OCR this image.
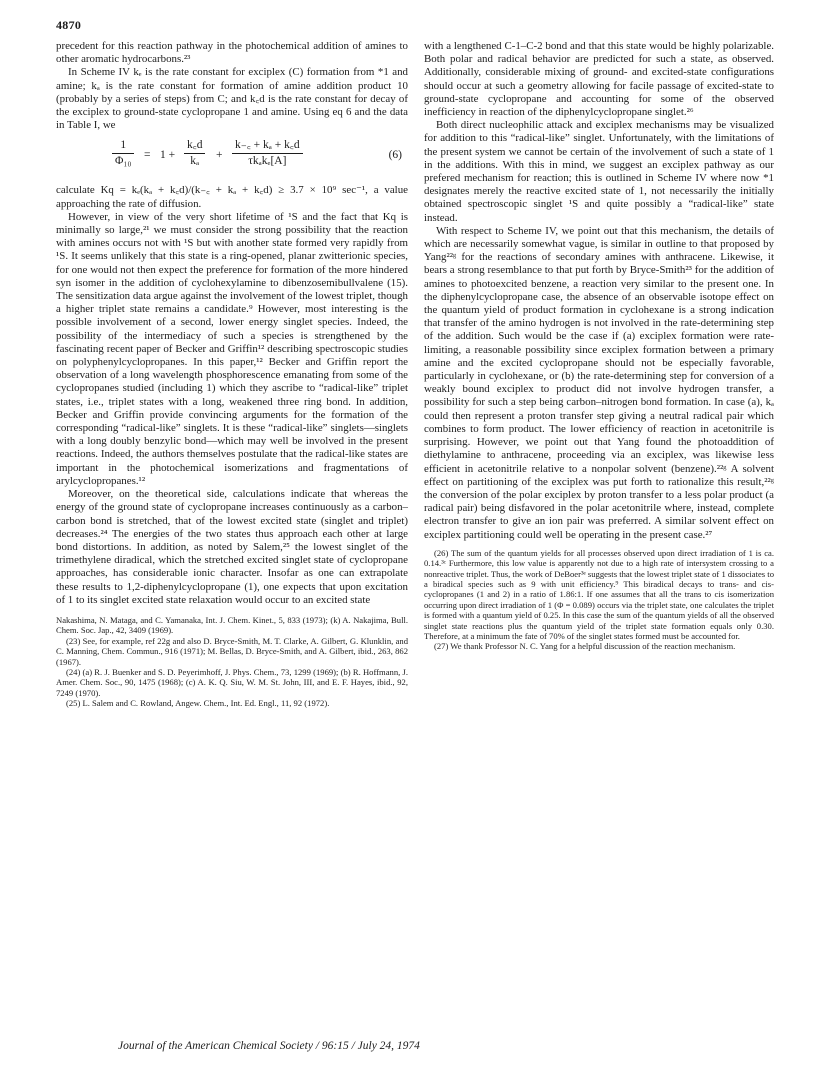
4870

precedent for this reaction pathway in the photochemical addition of amines to other aromatic hydrocarbons.²³

In Scheme IV kₑ is the rate constant for exciplex (C) formation from *1 and amine; kₐ is the rate constant for formation of amine addition product 10 (probably by a series of steps) from C; and k꜀d is the rate constant for decay of the exciplex to ground-state cyclopropane 1 and amine. Using eq 6 and the data in Table I, we

$\frac{1}{\text{Φ₁₀}} = 1 + \frac{k꜀d}{\text{kₐ}}$ +
k₋꜀ + kₐ + k꜀d
τkₐkₑ[A]	(6)

calculate Kq = kₑ(kₐ + k꜀d)/(k₋꜀ + kₐ + k꜀d) ≥ 3.7 × 10⁹ sec⁻¹, a value approaching the rate of diffusion.

However, in view of the very short lifetime of ¹S and the fact that Kq is minimally so large,²¹ we must consider the strong possibility that the reaction with amines occurs not with ¹S but with another state formed very rapidly from ¹S. It seems unlikely that this state is a ring-opened, planar zwitterionic species, for one would not then expect the preference for formation of the more hindered syn isomer in the addition of cyclohexylamine to dibenzosemibullvalene (15). The sensitization data argue against the involvement of the lowest triplet, though a higher triplet state remains a candidate.⁹ However, most interesting is the possible involvement of a second, lower energy singlet species. Indeed, the possibility of the intermediacy of such a species is strengthened by the fascinating recent paper of Becker and Griffin¹² describing spectroscopic studies on polyphenylcyclopropanes. In this paper,¹² Becker and Griffin report the observation of a long wavelength phosphorescence emanating from some of the cyclopropanes studied (including 1) which they ascribe to “radical-like” triplet states, i.e., triplet states with a long, weakened three ring bond. In addition, Becker and Griffin provide convincing arguments for the formation of the corresponding “radical-like” singlets. It is these “radical-like” singlets—singlets with a long doubly benzylic bond—which may well be involved in the present reactions. Indeed, the authors themselves postulate that the radical-like states are important in the photochemical isomerizations and fragmentations of arylcyclopropanes.¹²

Moreover, on the theoretical side, calculations indicate that whereas the energy of the ground state of cyclopropane increases continuously as a carbon–carbon bond is stretched, that of the lowest excited state (singlet and triplet) decreases.²⁴ The energies of the two states thus approach each other at large bond distortions. In addition, as noted by Salem,²⁵ the lowest singlet of the trimethylene diradical, which the stretched excited singlet state of cyclopropane approaches, has considerable ionic character. Insofar as one can extrapolate these results to 1,2-diphenylcyclopropane (1), one expects that upon excitation of 1 to its singlet excited state relaxation would occur to an excited state

Nakashima, N. Mataga, and C. Yamanaka, Int. J. Chem. Kinet., 5, 833 (1973); (k) A. Nakajima, Bull. Chem. Soc. Jap., 42, 3409 (1969).

(23) See, for example, ref 22g and also D. Bryce-Smith, M. T. Clarke, A. Gilbert, G. Klunklin, and C. Manning, Chem. Commun., 916 (1971); M. Bellas, D. Bryce-Smith, and A. Gilbert, ibid., 263, 862 (1967).

(24) (a) R. J. Buenker and S. D. Peyerimhoff, J. Phys. Chem., 73, 1299 (1969); (b) R. Hoffmann, J. Amer. Chem. Soc., 90, 1475 (1968); (c) A. K. Q. Siu, W. M. St. John, III, and E. F. Hayes, ibid., 92, 7249 (1970).

(25) L. Salem and C. Rowland, Angew. Chem., Int. Ed. Engl., 11, 92 (1972).

with a lengthened C-1–C-2 bond and that this state would be highly polarizable. Both polar and radical behavior are predicted for such a state, as observed. Additionally, considerable mixing of ground- and excited-state configurations should occur at such a geometry allowing for facile passage of excited-state to ground-state cyclopropane and accounting for some of the observed inefficiency in reaction of the diphenylcyclopropane singlet.²⁶

Both direct nucleophilic attack and exciplex mechanisms may be visualized for addition to this “radical-like” singlet. Unfortunately, with the limitations of the present system we cannot be certain of the involvement of such a state of 1 in the additions. With this in mind, we suggest an exciplex pathway as our prefered mechanism for reaction; this is outlined in Scheme IV where now *1 designates merely the reactive excited state of 1, not necessarily the initially obtained spectroscopic singlet ¹S and quite possibly a “radical-like” state instead.

With respect to Scheme IV, we point out that this mechanism, the details of which are necessarily somewhat vague, is similar in outline to that proposed by Yang²²ᵍ for the reactions of secondary amines with anthracene. Likewise, it bears a strong resemblance to that put forth by Bryce-Smith²³ for the addition of amines to photoexcited benzene, a reaction very similar to the present one. In the diphenylcyclopropane case, the absence of an observable isotope effect on the quantum yield of product formation in cyclohexane is a strong indication that transfer of the amino hydrogen is not involved in the rate-determining step of the addition. Such would be the case if (a) exciplex formation were rate-limiting, a reasonable possibility since exciplex formation between a primary amine and the excited cyclopropane should not be especially favorable, particularly in cyclohexane, or (b) the rate-determining step for conversion of a weakly bound exciplex to product did not involve hydrogen transfer, a possibility for such a step being carbon–nitrogen bond formation. In case (a), kₐ could then represent a proton transfer step giving a neutral radical pair which combines to form product. The lower efficiency of reaction in acetonitrile is surprising. However, we point out that Yang found the photoaddition of diethylamine to anthracene, proceeding via an exciplex, was likewise less efficient in acetonitrile relative to a nonpolar solvent (benzene).²²ᵍ A solvent effect on partitioning of the exciplex was put forth to rationalize this result,²²ᵍ the conversion of the polar exciplex by proton transfer to a less polar product (a radical pair) being disfavored in the polar acetonitrile where, instead, complete electron transfer to give an ion pair was preferred. A similar solvent effect on exciplex partitioning could well be operating in the present case.²⁷

(26) The sum of the quantum yields for all processes observed upon direct irradiation of 1 is ca. 0.14.³ᶜ Furthermore, this low value is apparently not due to a high rate of intersystem crossing to a nonreactive triplet. Thus, the work of DeBoer³ᵉ suggests that the lowest triplet state of 1 dissociates to a biradical species such as 9 with unit efficiency.⁹ This biradical decays to trans- and cis-cyclopropanes (1 and 2) in a ratio of 1.86:1. If one assumes that all the trans to cis isomerization occurring upon direct irradiation of 1 (Φ = 0.089) occurs via the triplet state, one calculates the triplet is formed with a quantum yield of 0.25. In this case the sum of the quantum yields of all the observed singlet state reactions plus the quantum yield of the triplet state formation equals only 0.30. Therefore, at a minimum the fate of 70% of the singlet states formed must be accounted for.

(27) We thank Professor N. C. Yang for a helpful discussion of the reaction mechanism.

Journal of the American Chemical Society / 96:15 / July 24, 1974
